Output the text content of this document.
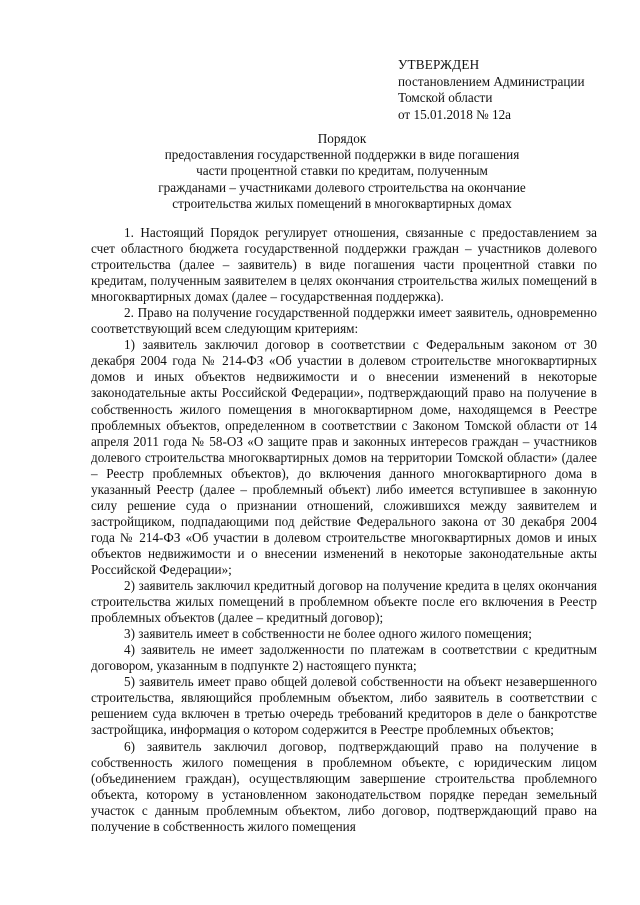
УТВЕРЖДЕН
постановлением Администрации
Томской области
от 15.01.2018 № 12а
Порядок
предоставления государственной поддержки в виде погашения
части процентной ставки по кредитам, полученным
гражданами – участниками долевого строительства на окончание
строительства жилых помещений в многоквартирных домах

1. Настоящий Порядок регулирует отношения, связанные с предоставлением за счет областного бюджета государственной поддержки граждан – участников долевого строительства (далее – заявитель) в виде погашения части процентной ставки по кредитам, полученным заявителем в целях окончания строительства жилых помещений в многоквартирных домах (далее – государственная поддержка).

2. Право на получение государственной поддержки имеет заявитель, одновременно соответствующий всем следующим критериям:

1) заявитель заключил договор в соответствии с Федеральным законом от 30 декабря 2004 года № 214-ФЗ «Об участии в долевом строительстве многоквартирных домов и иных объектов недвижимости и о внесении изменений в некоторые законодательные акты Российской Федерации», подтверждающий право на получение в собственность жилого помещения в многоквартирном доме, находящемся в Реестре проблемных объектов, определенном в соответствии с Законом Томской области от 14 апреля 2011 года № 58-ОЗ «О защите прав и законных интересов граждан – участников долевого строительства многоквартирных домов на территории Томской области» (далее – Реестр проблемных объектов), до включения данного многоквартирного дома в указанный Реестр (далее – проблемный объект) либо имеется вступившее в законную силу решение суда о признании отношений, сложившихся между заявителем и застройщиком, подпадающими под действие Федерального закона от 30 декабря 2004 года № 214-ФЗ «Об участии в долевом строительстве многоквартирных домов и иных объектов недвижимости и о внесении изменений в некоторые законодательные акты Российской Федерации»;

2) заявитель заключил кредитный договор на получение кредита в целях окончания строительства жилых помещений в проблемном объекте после его включения в Реестр проблемных объектов (далее – кредитный договор);

3) заявитель имеет в собственности не более одного жилого помещения;

4) заявитель не имеет задолженности по платежам в соответствии с кредитным договором, указанным в подпункте 2) настоящего пункта;

5) заявитель имеет право общей долевой собственности на объект незавершенного строительства, являющийся проблемным объектом, либо заявитель в соответствии с решением суда включен в третью очередь требований кредиторов в деле о банкротстве застройщика, информация о котором содержится в Реестре проблемных объектов;

6) заявитель заключил договор, подтверждающий право на получение в собственность жилого помещения в проблемном объекте, с юридическим лицом (объединением граждан), осуществляющим завершение строительства проблемного объекта, которому в установленном законодательством порядке передан земельный участок с данным проблемным объектом, либо договор, подтверждающий право на получение в собственность жилого помещения
